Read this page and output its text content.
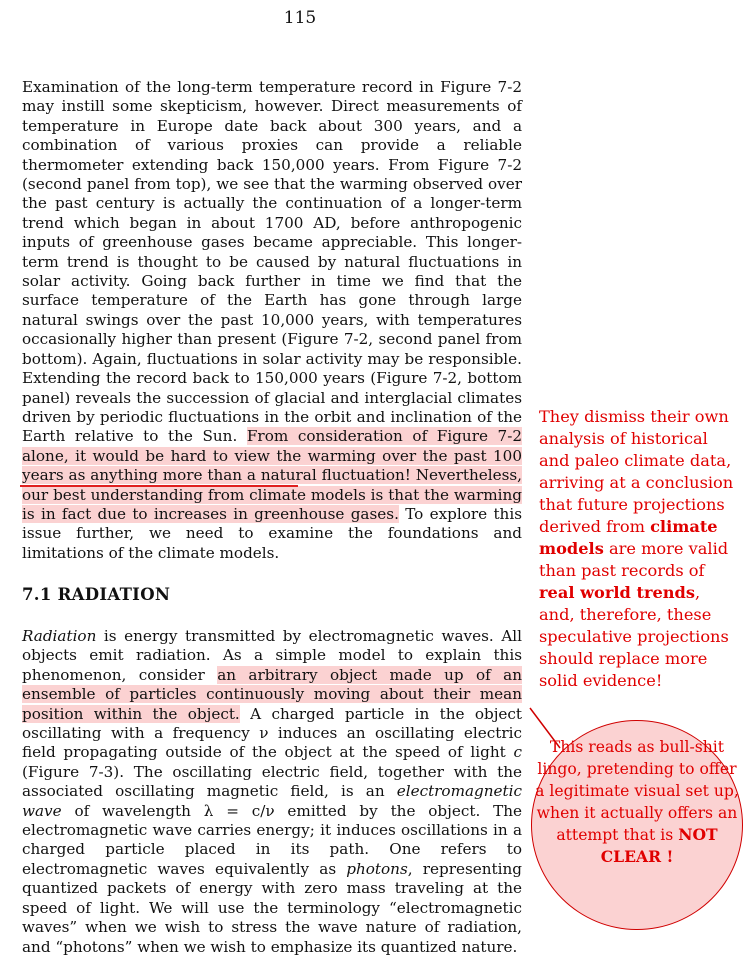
115

Examination of the long-term temperature record in Figure 7-2 may instill some skepticism, however. Direct measurements of temperature in Europe date back about 300 years, and a combination of various proxies can provide a reliable thermometer extending back 150,000 years. From Figure 7-2 (second panel from top), we see that the warming observed over the past century is actually the continuation of a longer-term trend which began in about 1700 AD, before anthropogenic inputs of greenhouse gases became appreciable. This longer-term trend is thought to be caused by natural fluctuations in solar activity. Going back further in time we find that the surface temperature of the Earth has gone through large natural swings over the past 10,000 years, with temperatures occasionally higher than present (Figure 7-2, second panel from bottom). Again, fluctuations in solar activity may be responsible. Extending the record back to 150,000 years (Figure 7-2, bottom panel) reveals the succession of glacial and interglacial climates driven by periodic fluctuations in the orbit and inclination of the Earth relative to the Sun. From consideration of Figure 7-2 alone, it would be hard to view the warming over the past 100 years as anything more than a natural fluctuation! Nevertheless, our best understanding from climate models is that the warming is in fact due to increases in greenhouse gases. To explore this issue further, we need to examine the foundations and limitations of the climate models.

7.1 RADIATION

Radiation is energy transmitted by electromagnetic waves. All objects emit radiation. As a simple model to explain this phenomenon, consider an arbitrary object made up of an ensemble of particles continuously moving about their mean position within the object. A charged particle in the object oscillating with a frequency ν induces an oscillating electric field propagating outside of the object at the speed of light c (Figure 7-3). The oscillating electric field, together with the associated oscillating magnetic field, is an electromagnetic wave of wavelength λ = c/ν emitted by the object. The electromagnetic wave carries energy; it induces oscillations in a charged particle placed in its path. One refers to electromagnetic waves equivalently as photons, representing quantized packets of energy with zero mass traveling at the speed of light. We will use the terminology “electromagnetic waves” when we wish to stress the wave nature of radiation, and “photons” when we wish to emphasize its quantized nature.

They dismiss their own analysis of historical and paleo climate data, arriving at a conclusion that future projections derived from climate models are more valid than past records of real world trends, and, therefore, these speculative projections should replace more solid evidence!
This reads as bull-shit lingo, pretending to offer a legitimate visual set up, when it actually offers an attempt that is NOT CLEAR !
